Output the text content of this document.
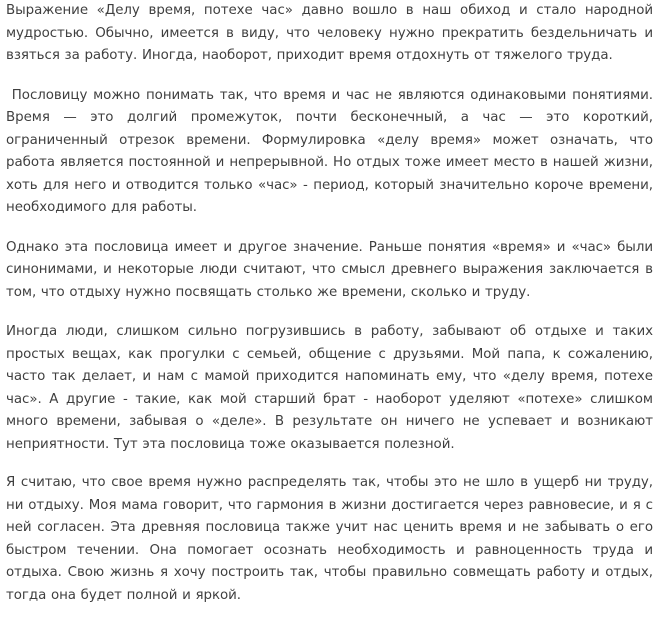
Выражение «Делу время, потехе час» давно вошло в наш обиход и стало народной мудростью. Обычно, имеется в виду, что человеку нужно прекратить бездельничать и взяться за работу. Иногда, наоборот, приходит время отдохнуть от тяжелого труда.

Пословицу можно понимать так, что время и час не являются одинаковыми понятиями. Время — это долгий промежуток, почти бесконечный, а час — это короткий, ограниченный отрезок времени. Формулировка «делу время» может означать, что работа является постоянной и непрерывной. Но отдых тоже имеет место в нашей жизни, хоть для него и отводится только «час» - период, который значительно короче времени, необходимого для работы.

Однако эта пословица имеет и другое значение. Раньше понятия «время» и «час» были синонимами, и некоторые люди считают, что смысл древнего выражения заключается в том, что отдыху нужно посвящать столько же времени, сколько и труду.

Иногда люди, слишком сильно погрузившись в работу, забывают об отдыхе и таких простых вещах, как прогулки с семьей, общение с друзьями. Мой папа, к сожалению, часто так делает, и нам с мамой приходится напоминать ему, что «делу время, потехе час». А другие - такие, как мой старший брат - наоборот уделяют «потехе» слишком много времени, забывая о «деле». В результате он ничего не успевает и возникают неприятности. Тут эта пословица тоже оказывается полезной.

Я считаю, что свое время нужно распределять так, чтобы это не шло в ущерб ни труду, ни отдыху. Моя мама говорит, что гармония в жизни достигается через равновесие, и я с ней согласен. Эта древняя пословица также учит нас ценить время и не забывать о его быстром течении. Она помогает осознать необходимость и равноценность труда и отдыха. Свою жизнь я хочу построить так, чтобы правильно совмещать работу и отдых, тогда она будет полной и яркой.
